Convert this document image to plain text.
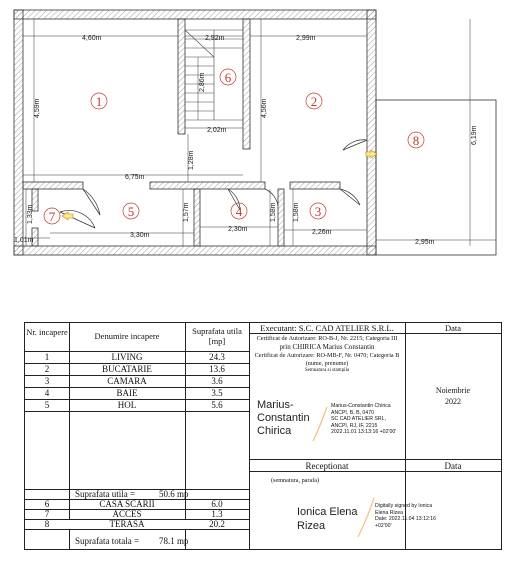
4,60m	2,92m	2,99m
4,59m
2,86m
4,56m
2,02m
6,75m
1,28m
6,19m
1,33m	1,57m	1,58m 1,58m
1,01m
3,30m
2,30m	2,26m
2,95m
1	2
3
4
5
6
7
8
Nr. incapere	Denumire incapere	Suprafata utila [mp]
Executant: S.C. CAD ATELIER S.R.L.	Data
1	LIVING	24.3
2	BUCATARIE	13.6
3	CAMARA	3.6
4	BAIE	3.5
5	HOL	5.6
Suprafata utila =	50.6 mp
6	CASA SCARII	6.0
7	ACCES	1.3
8	TERASA	20.2
Suprafata totala = 78.1 mp
Certificat de Autorizare: RO-B-J, Nr. 2215; Categoria III
prin CHIRICA Marius Constantin
Certificat de Autorizare: RO-MB-F, Nr. 0470; Categoria B
(nume, prenume)
Semnatura si stampila
Marius-
Constantin
Chirica
Marius-Constantin Chirica
ANCPI, B, B, 0470
SC CAD ATELIER SRL,
ANCPI, RJ, IF, 2215
2022.11.01 13:13:16 +02'00'
Noiembrie
2022
Receptionat	Data
(semnatura, parafa)
Ionica Elena
Rizea
Digitally signed by Ionica
Elena Rizea
Date: 2022.11.04 13:12:16
+02'00'
